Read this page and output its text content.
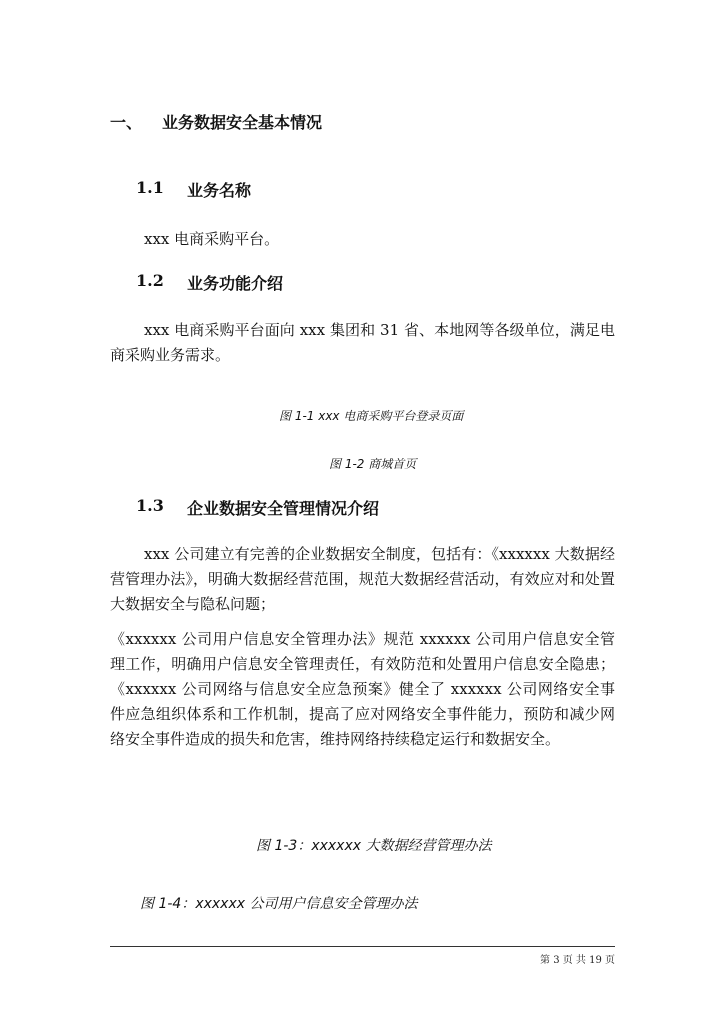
一、 业务数据安全基本情况
1.1 业务名称
xxx 电商采购平台。
1.2 业务功能介绍
xxx 电商采购平台面向 xxx 集团和 31 省、本地网等各级单位，满足电商采购业务需求。
图 1-1 xxx 电商采购平台登录页面
图 1-2 商城首页
1.3 企业数据安全管理情况介绍
xxx 公司建立有完善的企业数据安全制度，包括有：《xxxxxx 大数据经营管理办法》，明确大数据经营范围，规范大数据经营活动，有效应对和处置大数据安全与隐私问题；
《xxxxxx 公司用户信息安全管理办法》规范 xxxxxx 公司用户信息安全管理工作，明确用户信息安全管理责任，有效防范和处置用户信息安全隐患；《xxxxxx 公司网络与信息安全应急预案》健全了 xxxxxx 公司网络安全事件应急组织体系和工作机制，提高了应对网络安全事件能力，预防和减少网络安全事件造成的损失和危害，维持网络持续稳定运行和数据安全。
图 1-3：xxxxxx 大数据经营管理办法
图 1-4：xxxxxx 公司用户信息安全管理办法
第 3 页 共 19 页
